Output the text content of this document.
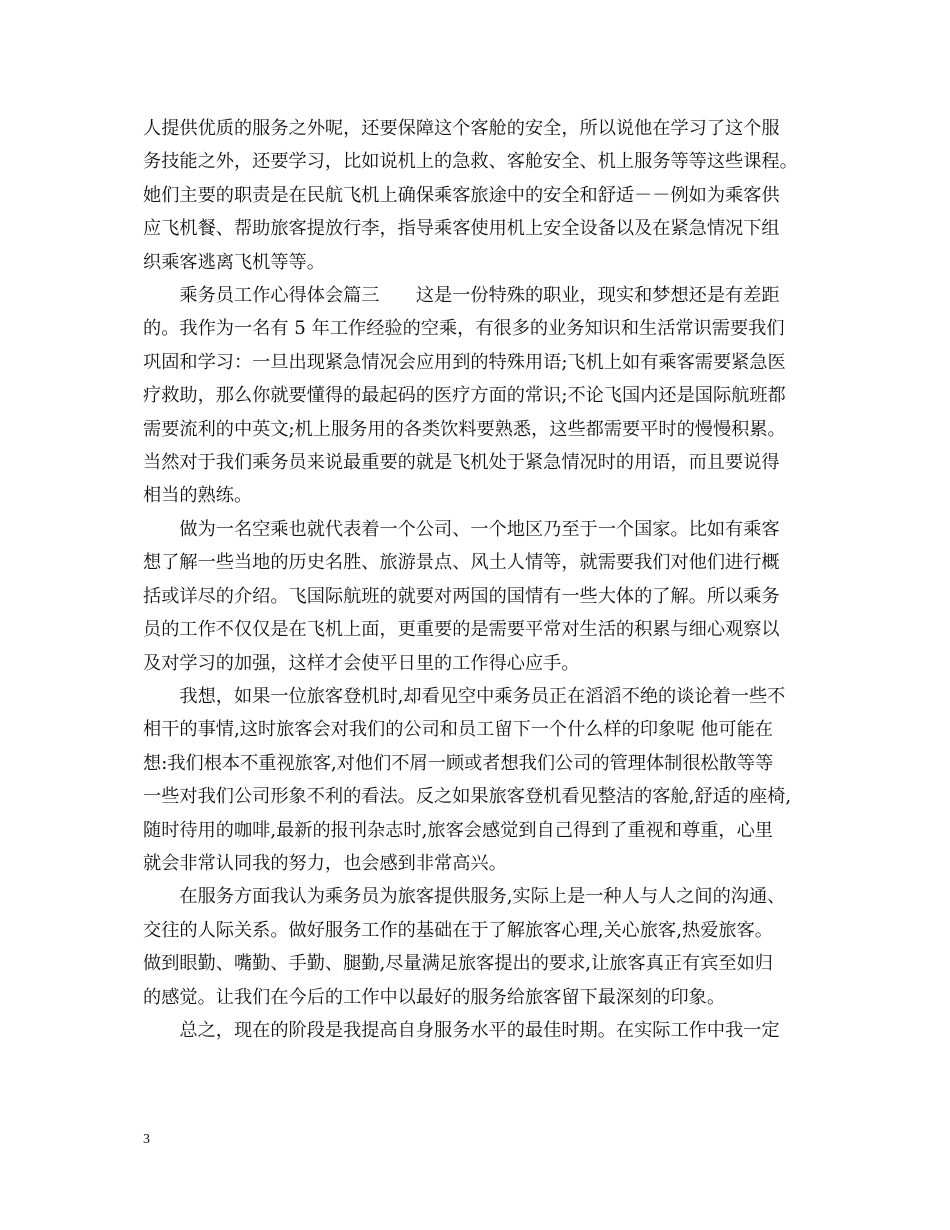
人提供优质的服务之外呢，还要保障这个客舱的安全，所以说他在学习了这个服
务技能之外，还要学习，比如说机上的急救、客舱安全、机上服务等等这些课程。
她们主要的职责是在民航飞机上确保乘客旅途中的安全和舒适－－例如为乘客供
应飞机餐、帮助旅客提放行李，指导乘客使用机上安全设备以及在紧急情况下组
织乘客逃离飞机等等。

　　乘务员工作心得体会篇三　　这是一份特殊的职业，现实和梦想还是有差距
的。我作为一名有 5 年工作经验的空乘，有很多的业务知识和生活常识需要我们
巩固和学习：一旦出现紧急情况会应用到的特殊用语;飞机上如有乘客需要紧急医
疗救助，那么你就要懂得的最起码的医疗方面的常识;不论飞国内还是国际航班都
需要流利的中英文;机上服务用的各类饮料要熟悉，这些都需要平时的慢慢积累。
当然对于我们乘务员来说最重要的就是飞机处于紧急情况时的用语，而且要说得
相当的熟练。

　　做为一名空乘也就代表着一个公司、一个地区乃至于一个国家。比如有乘客
想了解一些当地的历史名胜、旅游景点、风土人情等，就需要我们对他们进行概
括或详尽的介绍。飞国际航班的就要对两国的国情有一些大体的了解。所以乘务
员的工作不仅仅是在飞机上面，更重要的是需要平常对生活的积累与细心观察以
及对学习的加强，这样才会使平日里的工作得心应手。

　　我想，如果一位旅客登机时,却看见空中乘务员正在滔滔不绝的谈论着一些不
相干的事情,这时旅客会对我们的公司和员工留下一个什么样的印象呢 他可能在
想:我们根本不重视旅客,对他们不屑一顾或者想我们公司的管理体制很松散等等
一些对我们公司形象不利的看法。反之如果旅客登机看见整洁的客舱,舒适的座椅,
随时待用的咖啡,最新的报刊杂志时,旅客会感觉到自己得到了重视和尊重，心里
就会非常认同我的努力，也会感到非常高兴。

　　在服务方面我认为乘务员为旅客提供服务,实际上是一种人与人之间的沟通、
交往的人际关系。做好服务工作的基础在于了解旅客心理,关心旅客,热爱旅客。
做到眼勤、嘴勤、手勤、腿勤,尽量满足旅客提出的要求,让旅客真正有宾至如归
的感觉。让我们在今后的工作中以最好的服务给旅客留下最深刻的印象。

　　总之，现在的阶段是我提高自身服务水平的最佳时期。在实际工作中我一定

3
